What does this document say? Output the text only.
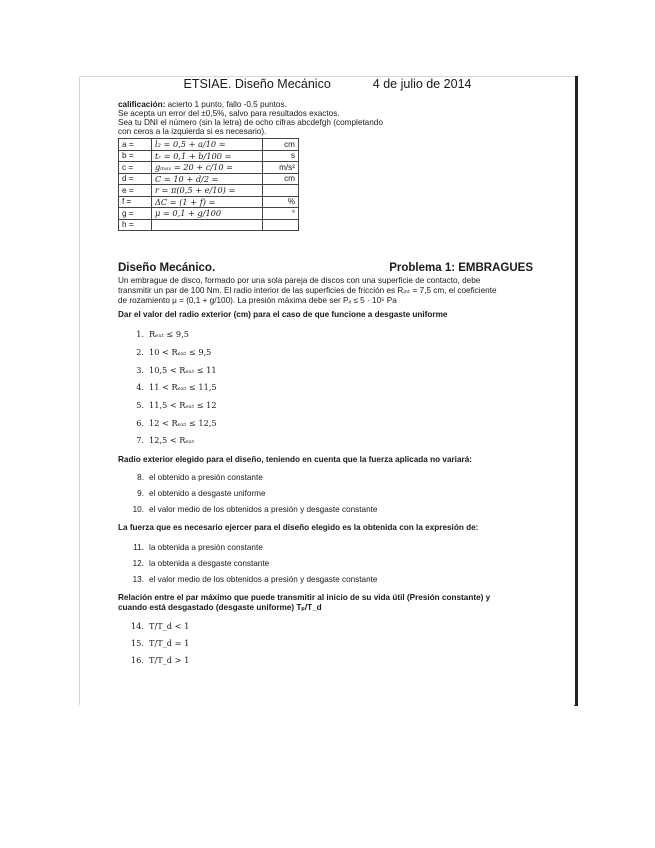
ETSIAE. Diseño Mecánico	4 de julio de 2014
calificación: acierto 1 punto, fallo -0.5 puntos.
Se acepta un error del ±0,5%, salvo para resultados exactos.
Sea tu DNI el número (sin la letra) de ocho cifras abcdefgh (completando
con ceros a la izquierda si es necesario).
a =	l₂ = 0,5 + a/10 =	cm
b =	tᵣ = 0,1 + b/100 =	s
c =	gₘₐₓ = 20 + c/10 =	m/s²
d =	C = 10 + d/2 =	cm
e =	r = π(0,5 + e/10) =	
f =	ΔC = (1 + f) =	%
g =	μ = 0,1 + g/100	°
h =		
Diseño Mecánico.	Problema 1: EMBRAGUES
Un embrague de disco, formado por una sola pareja de discos con una superficie de contacto, debe
transmitir un par de 100 Nm. El radio interior de las superficies de fricción es Rᵢₙₜ = 7,5 cm, el coeficiente
de rozamiento μ = (0,1 + g/100). La presión máxima debe ser Pₓ ≤ 5 · 10⁵ Pa
Dar el valor del radio exterior (cm) para el caso de que funcione a desgaste uniforme
1. Rₑₓₜ ≤ 9,5
2. 10 < Rₑₓₜ ≤ 9,5
3. 10,5 < Rₑₓₜ ≤ 11
4. 11 < Rₑₓₜ ≤ 11,5
5. 11,5 < Rₑₓₜ ≤ 12
6. 12 < Rₑₓₜ ≤ 12,5
7. 12,5 < Rₑₓₜ
Radio exterior elegido para el diseño, teniendo en cuenta que la fuerza aplicada no variará:
8. el obtenido a presión constante
9. el obtenido a desgaste uniforme
10. el valor medio de los obtenidos a presión y desgaste constante
La fuerza que es necesario ejercer para el diseño elegido es la obtenida con la expresión de:
11. la obtenida a presión constante
12. la obtenida a desgaste constante
13. el valor medio de los obtenidos a presión y desgaste constante
Relación entre el par máximo que puede transmitir al inicio de su vida útil (Presión constante) y
cuando está desgastado (desgaste uniforme) Tₚ/T_d
14. T/T_d < 1
15. T/T_d = 1
16. T/T_d > 1
